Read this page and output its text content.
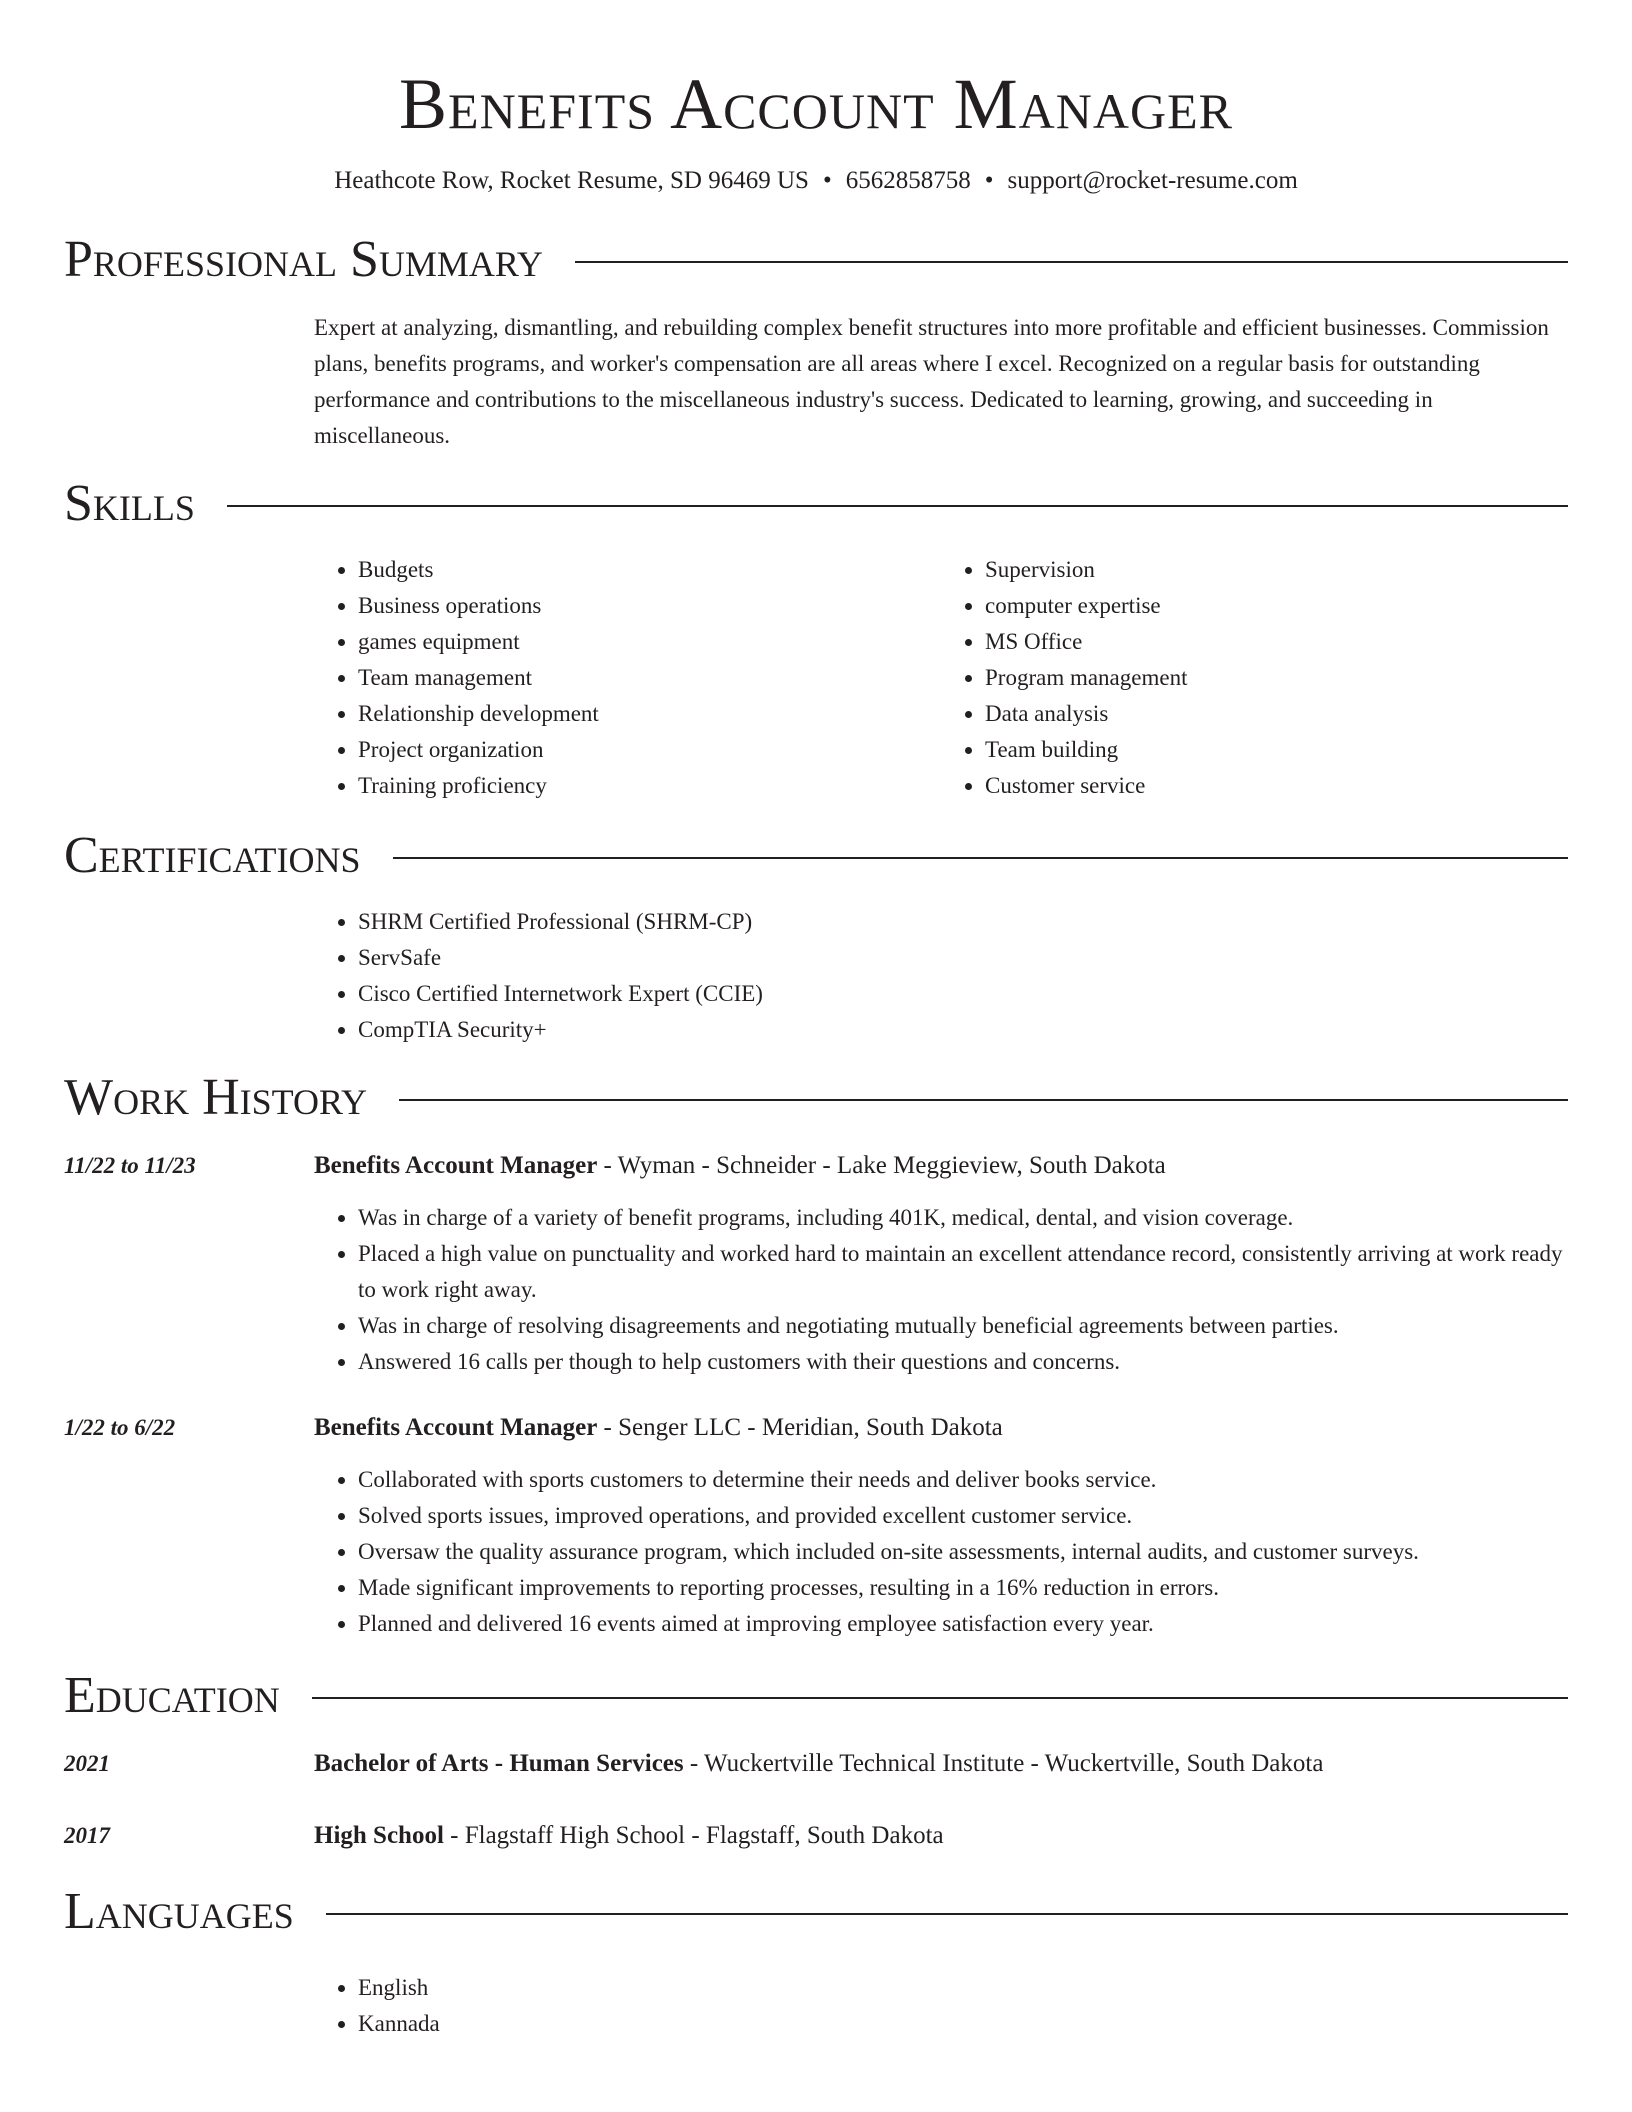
Benefits Account Manager
Heathcote Row, Rocket Resume, SD 96469 US • 6562858758 • support@rocket-resume.com
Professional Summary
Expert at analyzing, dismantling, and rebuilding complex benefit structures into more profitable and efficient businesses. Commission plans, benefits programs, and worker's compensation are all areas where I excel. Recognized on a regular basis for outstanding performance and contributions to the miscellaneous industry's success. Dedicated to learning, growing, and succeeding in miscellaneous.
Skills
• Budgets
• Business operations
• games equipment
• Team management
• Relationship development
• Project organization
• Training proficiency
• Supervision
• computer expertise
• MS Office
• Program management
• Data analysis
• Team building
• Customer service
Certifications
• SHRM Certified Professional (SHRM-CP)
• ServSafe
• Cisco Certified Internetwork Expert (CCIE)
• CompTIA Security+
Work History
11/22 to 11/23	Benefits Account Manager - Wyman - Schneider - Lake Meggieview, South Dakota
• Was in charge of a variety of benefit programs, including 401K, medical, dental, and vision coverage.
• Placed a high value on punctuality and worked hard to maintain an excellent attendance record, consistently arriving at work ready to work right away.
• Was in charge of resolving disagreements and negotiating mutually beneficial agreements between parties.
• Answered 16 calls per though to help customers with their questions and concerns.
1/22 to 6/22	Benefits Account Manager - Senger LLC - Meridian, South Dakota
• Collaborated with sports customers to determine their needs and deliver books service.
• Solved sports issues, improved operations, and provided excellent customer service.
• Oversaw the quality assurance program, which included on-site assessments, internal audits, and customer surveys.
• Made significant improvements to reporting processes, resulting in a 16% reduction in errors.
• Planned and delivered 16 events aimed at improving employee satisfaction every year.
Education
2021	Bachelor of Arts - Human Services - Wuckertville Technical Institute - Wuckertville, South Dakota
2017	High School - Flagstaff High School - Flagstaff, South Dakota
Languages
• English
• Kannada
